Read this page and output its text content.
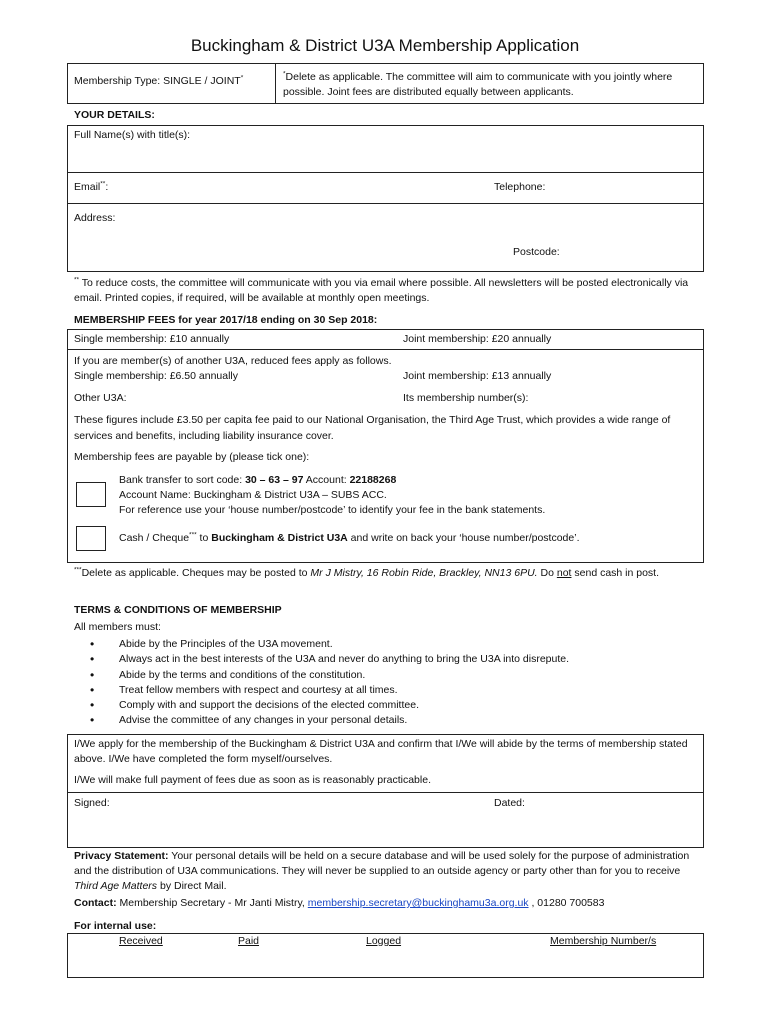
Buckingham & District U3A Membership Application
Membership Type: SINGLE / JOINT*
*Delete as applicable. The committee will aim to communicate with you jointly where possible. Joint fees are distributed equally between applicants.
YOUR DETAILS:
Full Name(s) with title(s):
Email**:	Telephone:
Address:
Postcode:
** To reduce costs, the committee will communicate with you via email where possible. All newsletters will be posted electronically via email. Printed copies, if required, will be available at monthly open meetings.
MEMBERSHIP FEES for year 2017/18 ending on 30 Sep 2018:
Single membership: £10 annually	Joint membership: £20 annually
If you are member(s) of another U3A, reduced fees apply as follows.
Single membership: £6.50 annually	Joint membership: £13 annually
Other U3A:	Its membership number(s):
These figures include £3.50 per capita fee paid to our National Organisation, the Third Age Trust, which provides a wide range of services and benefits, including liability insurance cover.
Membership fees are payable by (please tick one):
Bank transfer to sort code: 30 – 63 – 97 Account: 22188268
Account Name: Buckingham & District U3A – SUBS ACC.
For reference use your ‘house number/postcode’ to identify your fee in the bank statements.
Cash / Cheque*** to Buckingham & District U3A and write on back your ‘house number/postcode’.
***Delete as applicable. Cheques may be posted to Mr J Mistry, 16 Robin Ride, Brackley, NN13 6PU. Do not send cash in post.
TERMS & CONDITIONS OF MEMBERSHIP
All members must:
• Abide by the Principles of the U3A movement.
• Always act in the best interests of the U3A and never do anything to bring the U3A into disrepute.
• Abide by the terms and conditions of the constitution.
• Treat fellow members with respect and courtesy at all times.
• Comply with and support the decisions of the elected committee.
• Advise the committee of any changes in your personal details.
I/We apply for the membership of the Buckingham & District U3A and confirm that I/We will abide by the terms of membership stated above. I/We have completed the form myself/ourselves.
I/We will make full payment of fees due as soon as is reasonably practicable.
Signed:	Dated:
Privacy Statement: Your personal details will be held on a secure database and will be used solely for the purpose of administration and the distribution of U3A communications. They will never be supplied to an outside agency or party other than for you to receive Third Age Matters by Direct Mail.
Contact: Membership Secretary - Mr Janti Mistry, membership.secretary@buckinghamu3a.org.uk , 01280 700583
For internal use:
Received	Paid	Logged	Membership Number/s
